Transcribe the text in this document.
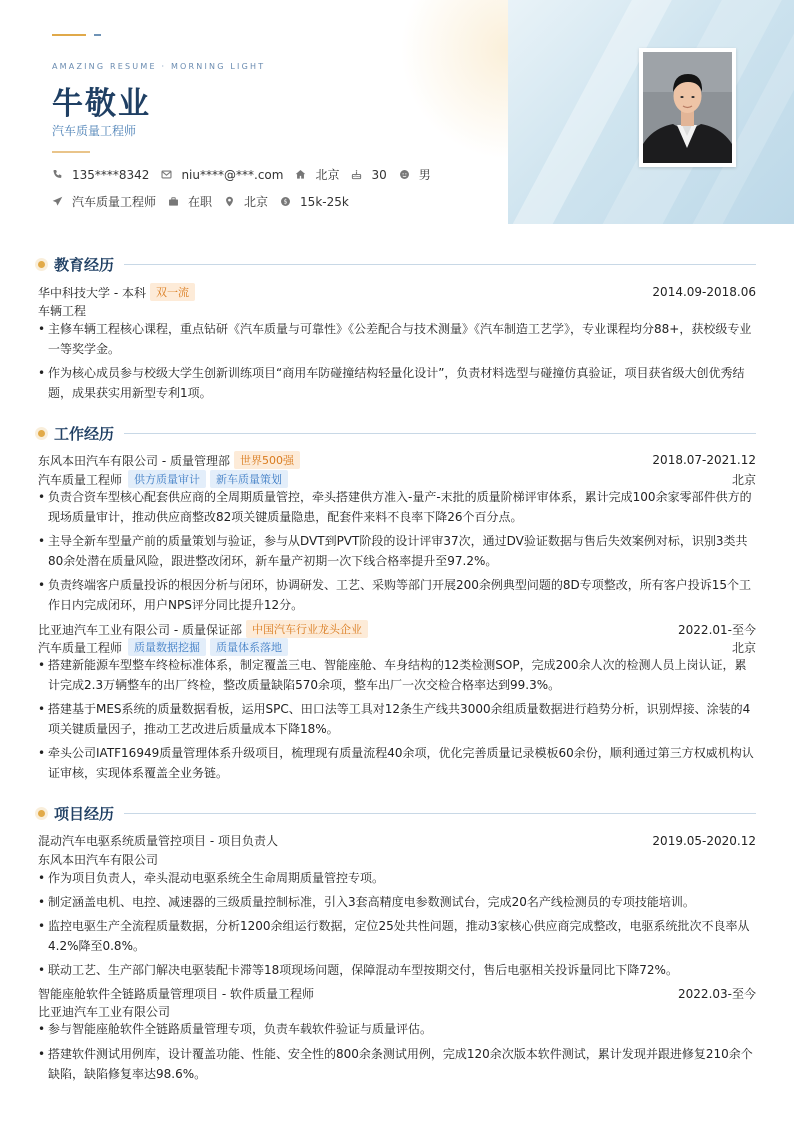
AMAZING RESUME · MORNING LIGHT
牛敬业
汽车质量工程师
135****8342	niu****@***.com	北京	30	男
汽车质量工程师	在职	北京 $ 15k-25k
教育经历
华中科技大学 - 本科 双一流	2014.09-2018.06
车辆工程
• 主修车辆工程核心课程，重点钻研《汽车质量与可靠性》《公差配合与技术测量》《汽车制造工艺学》，专业课程均分88+，获校级专业一等奖学金。
• 作为核心成员参与校级大学生创新训练项目“商用车防碰撞结构轻量化设计”，负责材料选型与碰撞仿真验证，项目获省级大创优秀结题，成果获实用新型专利1项。
工作经历
东风本田汽车有限公司 - 质量管理部 世界500强	2018.07-2021.12
汽车质量工程师	供方质量审计	新车质量策划	北京
• 负责合资车型核心配套供应商的全周期质量管控，牵头搭建供方准入-量产-末批的质量阶梯评审体系，累计完成100余家零部件供方的现场质量审计，推动供应商整改82项关键质量隐患，配套件来料不良率下降26个百分点。
• 主导全新车型量产前的质量策划与验证，参与从DVT到PVT阶段的设计评审37次，通过DV验证数据与售后失效案例对标，识别3类共80余处潜在质量风险，跟进整改闭环，新车量产初期一次下线合格率提升至97.2%。
• 负责终端客户质量投诉的根因分析与闭环，协调研发、工艺、采购等部门开展200余例典型问题的8D专项整改，所有客户投诉15个工作日内完成闭环，用户NPS评分同比提升12分。
比亚迪汽车工业有限公司 - 质量保证部 中国汽车行业龙头企业	2022.01-至今
汽车质量工程师	质量数据挖掘	质量体系落地	北京
• 搭建新能源车型整车终检标准体系，制定覆盖三电、智能座舱、车身结构的12类检测SOP，完成200余人次的检测人员上岗认证，累计完成2.3万辆整车的出厂终检，整改质量缺陷570余项，整车出厂一次交检合格率达到99.3%。
• 搭建基于MES系统的质量数据看板，运用SPC、田口法等工具对12条生产线共3000余组质量数据进行趋势分析，识别焊接、涂装的4项关键质量因子，推动工艺改进后质量成本下降18%。
• 牵头公司IATF16949质量管理体系升级项目，梳理现有质量流程40余项，优化完善质量记录模板60余份，顺利通过第三方权威机构认证审核，实现体系覆盖全业务链。
项目经历
混动汽车电驱系统质量管控项目 - 项目负责人	2019.05-2020.12
东风本田汽车有限公司
• 作为项目负责人，牵头混动电驱系统全生命周期质量管控专项。
• 制定涵盖电机、电控、减速器的三级质量控制标准，引入3套高精度电参数测试台，完成20名产线检测员的专项技能培训。
• 监控电驱生产全流程质量数据，分析1200余组运行数据，定位25处共性问题，推动3家核心供应商完成整改，电驱系统批次不良率从4.2%降至0.8%。
• 联动工艺、生产部门解决电驱装配卡滞等18项现场问题，保障混动车型按期交付，售后电驱相关投诉量同比下降72%。
智能座舱软件全链路质量管理项目 - 软件质量工程师	2022.03-至今
比亚迪汽车工业有限公司
• 参与智能座舱软件全链路质量管理专项，负责车载软件验证与质量评估。
• 搭建软件测试用例库，设计覆盖功能、性能、安全性的800余条测试用例，完成120余次版本软件测试，累计发现并跟进修复210余个缺陷，缺陷修复率达98.6%。
